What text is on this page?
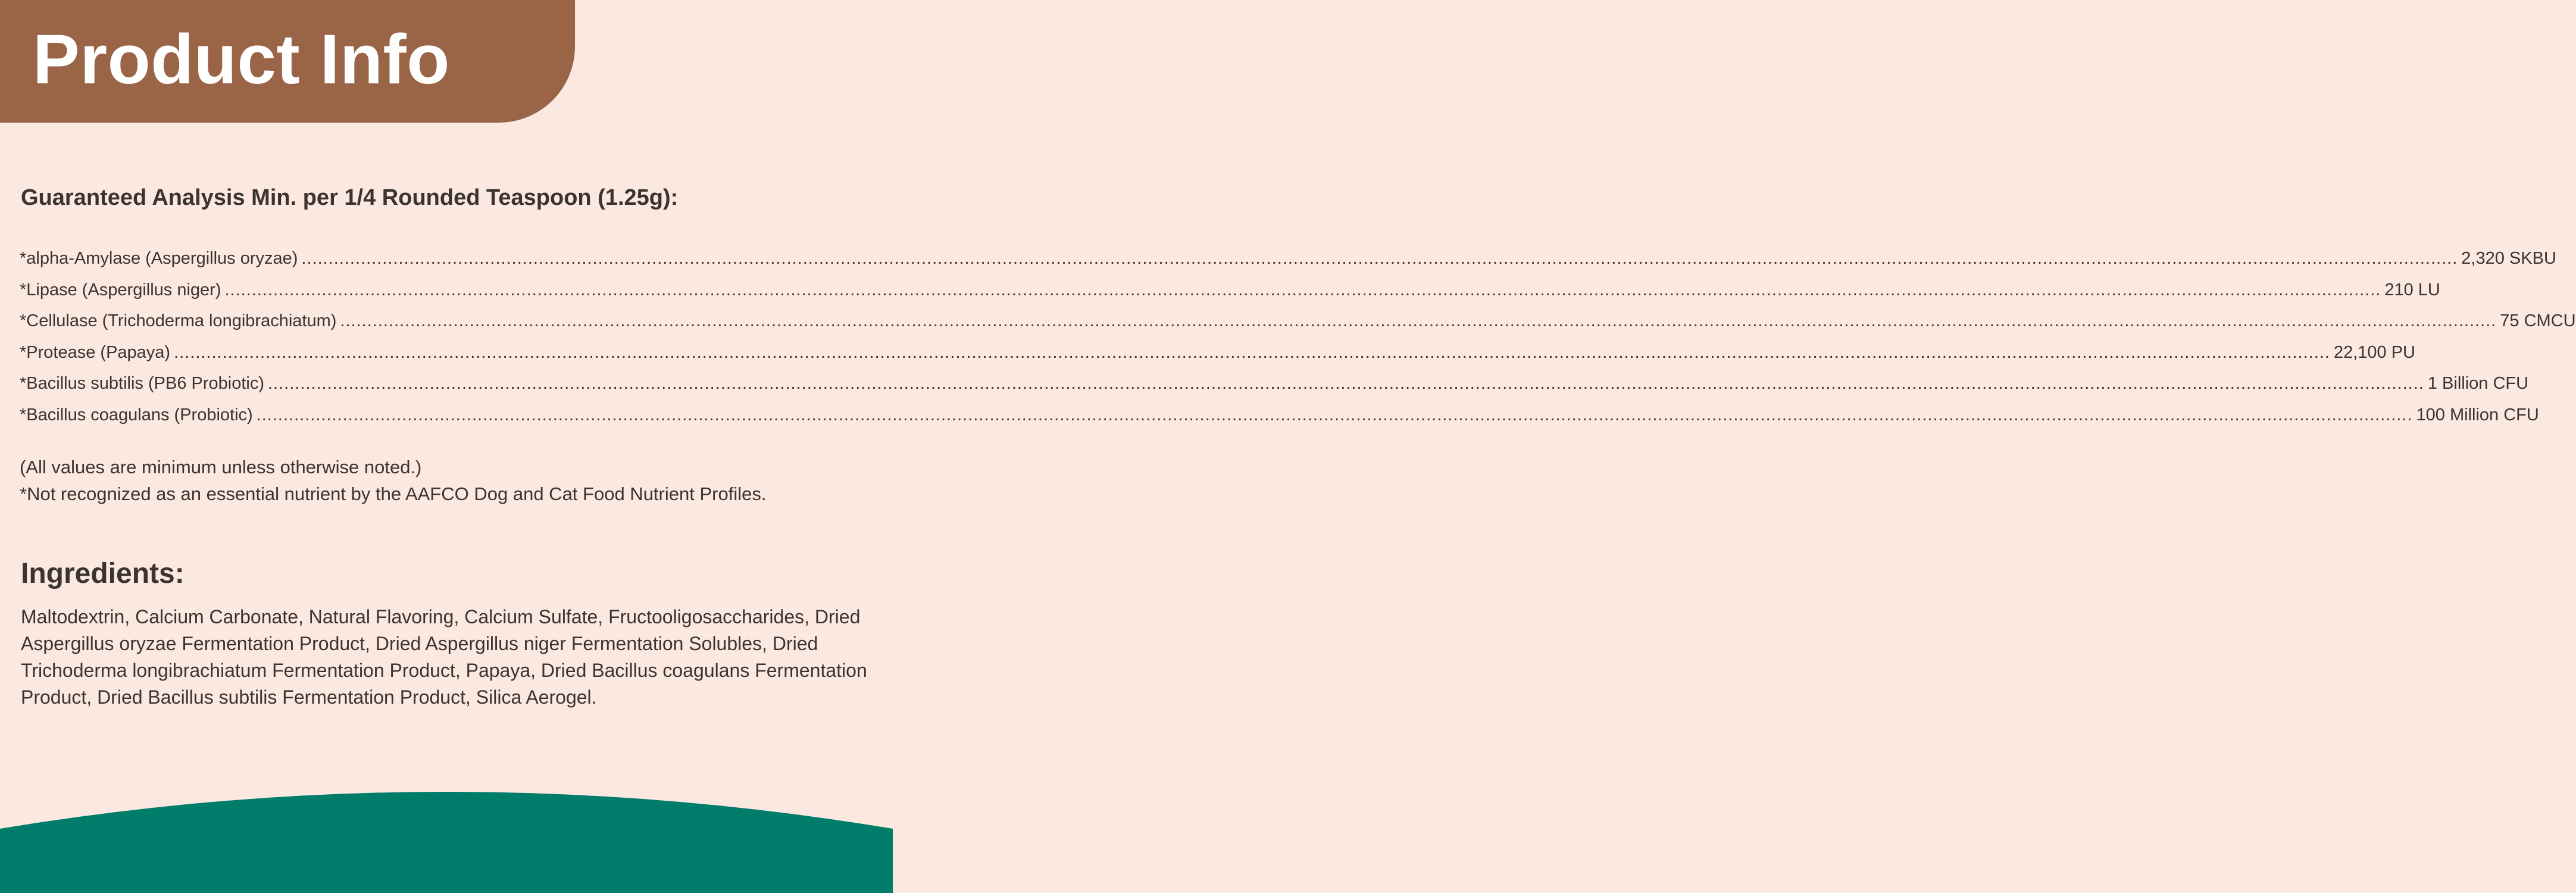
Product Info
Guaranteed Analysis Min. per 1/4 Rounded Teaspoon (1.25g):
*alpha-Amylase (Aspergillus oryzae) ................................................................................................................................................................................................................................................................................................................................................................................................................ 2,320 SKBU
*Lipase (Aspergillus niger) ................................................................................................................................................................................................................................................................................................................................................................................................................ 210 LU
*Cellulase (Trichoderma longibrachiatum) ................................................................................................................................................................................................................................................................................................................................................................................................................ 75 CMCU
*Protease (Papaya) ................................................................................................................................................................................................................................................................................................................................................................................................................ 22,100 PU
*Bacillus subtilis (PB6 Probiotic) ................................................................................................................................................................................................................................................................................................................................................................................................................ 1 Billion CFU
*Bacillus coagulans (Probiotic) ................................................................................................................................................................................................................................................................................................................................................................................................................ 100 Million CFU
(All values are minimum unless otherwise noted.)
*Not recognized as an essential nutrient by the AAFCO Dog and Cat Food Nutrient Profiles.
Ingredients:
Maltodextrin, Calcium Carbonate, Natural Flavoring, Calcium Sulfate, Fructooligosaccharides, Dried Aspergillus oryzae Fermentation Product, Dried Aspergillus niger Fermentation Solubles, Dried Trichoderma longibrachiatum Fermentation Product, Papaya, Dried Bacillus coagulans Fermentation Product, Dried Bacillus subtilis Fermentation Product, Silica Aerogel.
